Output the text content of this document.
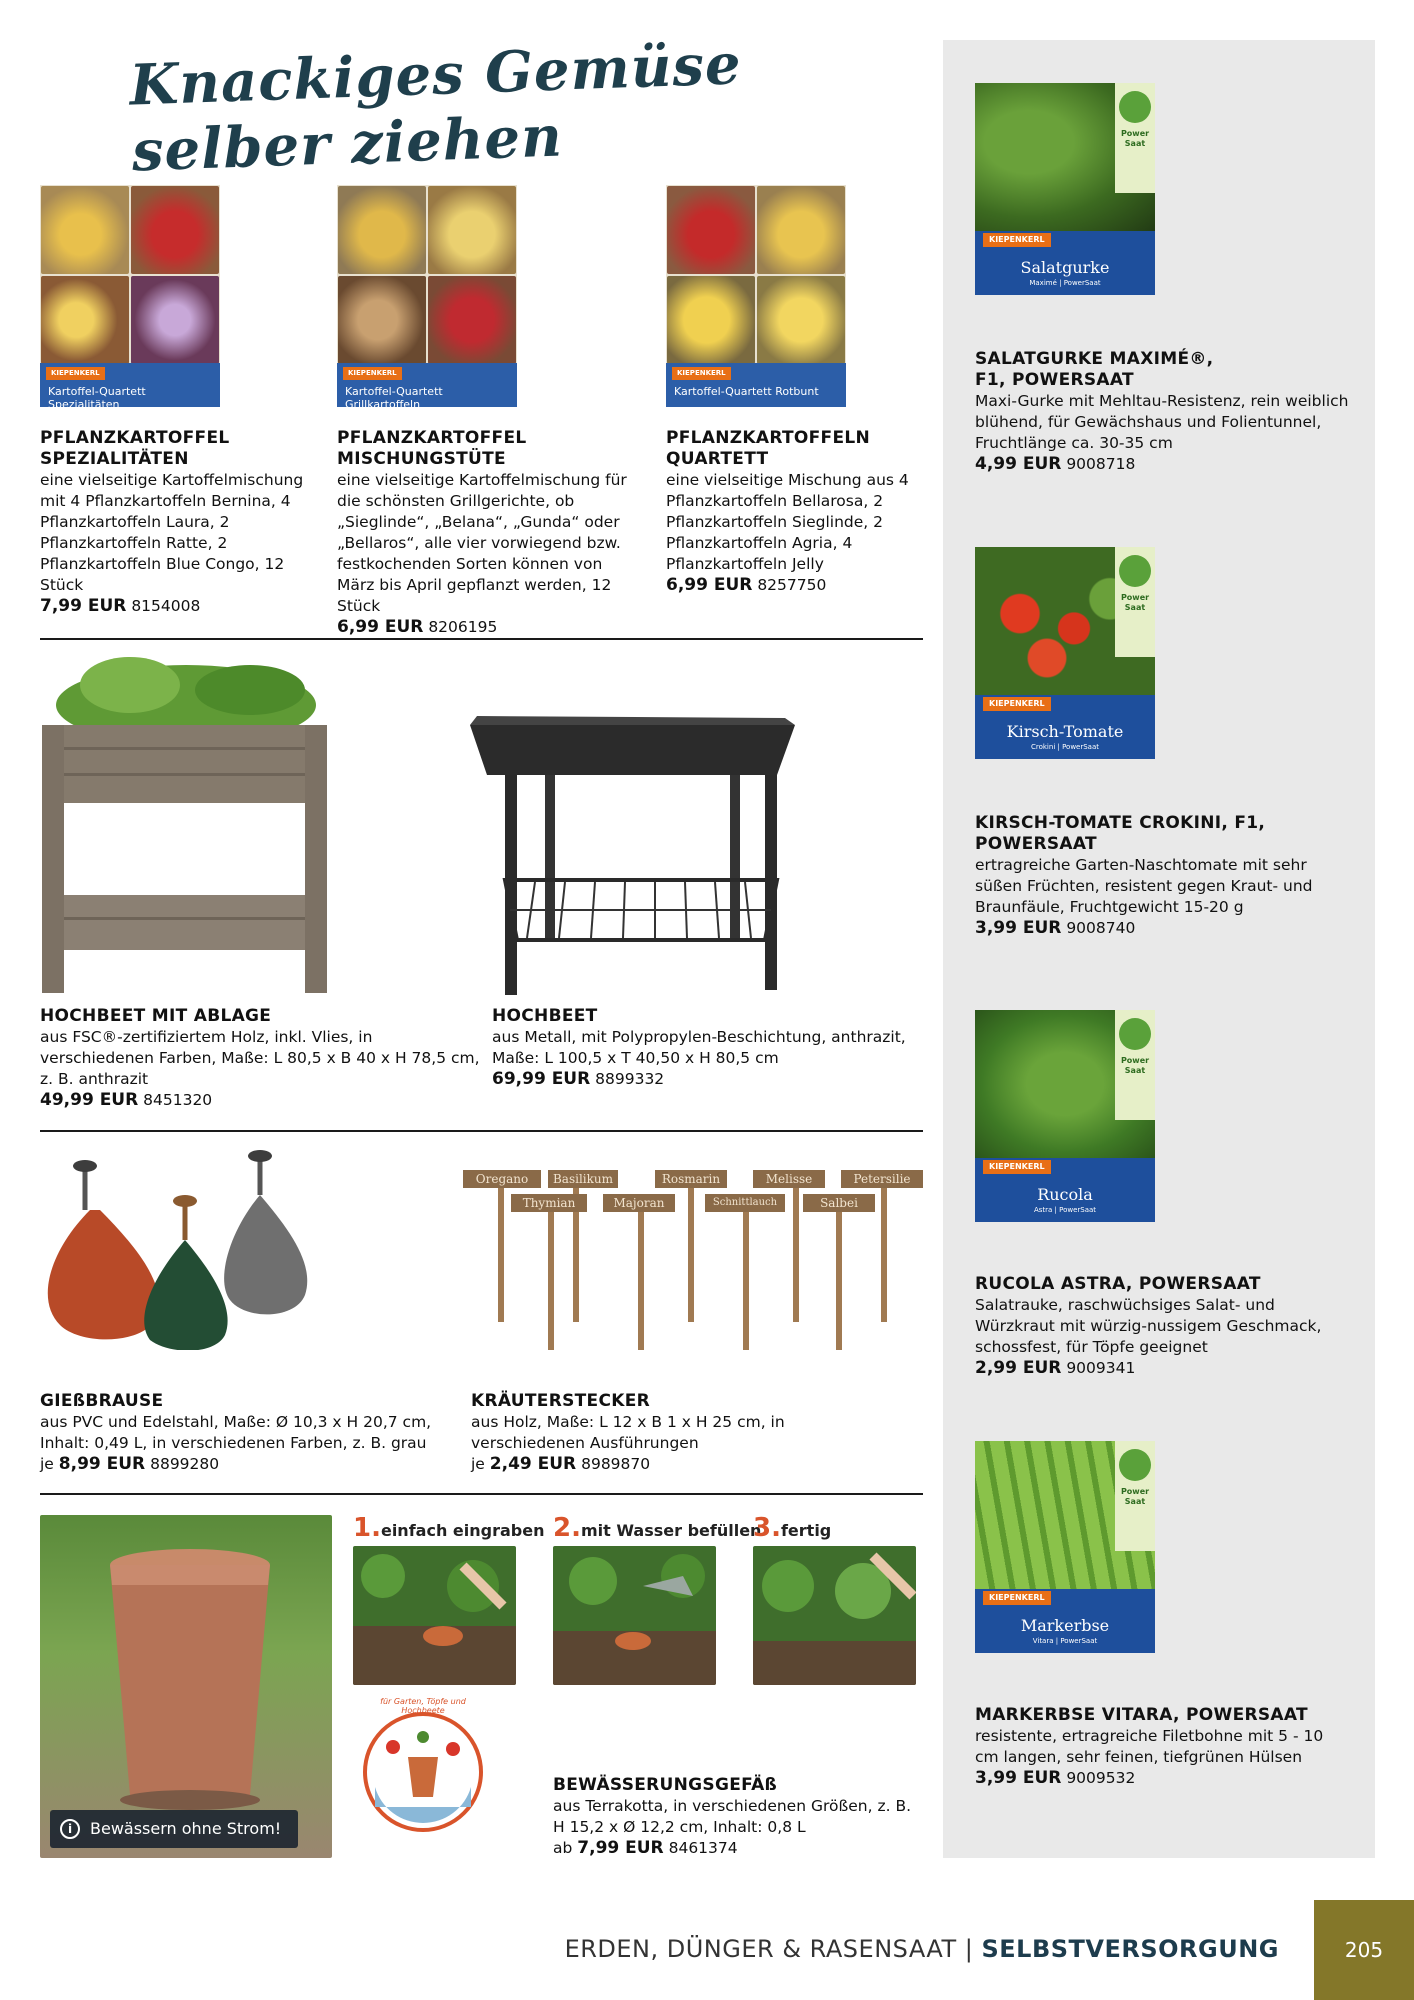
Knackiges Gemüse selber ziehen
KIEPENKERL
Kartoffel-Quartett Spezialitäten
KIEPENKERL
Kartoffel-Quartett Grillkartoffeln
KIEPENKERL
Kartoffel-Quartett Rotbunt
PFLANZKARTOFFEL
SPEZIALITÄTEN
eine vielseitige Kartoffelmischung mit 4 Pflanzkartoffeln Bernina, 4 Pflanzkartoffeln Laura, 2 Pflanzkartoffeln Ratte, 2 Pflanzkartoffeln Blue Congo, 12 Stück
7,99 EUR 8154008
PFLANZKARTOFFEL
MISCHUNGSTÜTE
eine vielseitige Kartoffelmischung für die schönsten Grillgerichte, ob „Sieglinde“, „Belana“, „Gunda“ oder „Bellaros“, alle vier vorwiegend bzw. festkochenden Sorten können von März bis April gepflanzt werden, 12 Stück
6,99 EUR 8206195
PFLANZKARTOFFELN
QUARTETT
eine vielseitige Mischung aus 4 Pflanzkartoffeln Bellarosa, 2 Pflanzkartoffeln Sieglinde, 2 Pflanzkartoffeln Agria, 4 Pflanzkartoffeln Jelly
6,99 EUR 8257750
HOCHBEET MIT ABLAGE
aus FSC®-zertifiziertem Holz, inkl. Vlies, in verschiedenen Farben, Maße: L 80,5 x B 40 x H 78,5 cm, z. B. anthrazit
49,99 EUR 8451320
HOCHBEET
aus Metall, mit Polypropylen-Beschichtung, anthrazit, Maße: L 100,5 x T 40,50 x H 80,5 cm
69,99 EUR 8899332
Oregano	Basilikum	Rosmarin	Melisse	Petersilie
Thymian	Majoran	Schnittlauch	Salbei
GIEßBRAUSE
aus PVC und Edelstahl, Maße: Ø 10,3 x H 20,7 cm, Inhalt: 0,49 L, in verschiedenen Farben, z. B. grau
je 8,99 EUR 8899280
KRÄUTERSTECKER
aus Holz, Maße: L 12 x B 1 x H 25 cm, in verschiedenen Ausführungen
je 2,49 EUR 8989870
i	Bewässern ohne Strom!
1.einfach eingraben 2.mit Wasser befüllen
3.fertig
für Garten, Töpfe und Hochbeete
BEWÄSSERUNGSGEFÄß
aus Terrakotta, in verschiedenen Größen, z. B. H 15,2 x Ø 12,2 cm, Inhalt: 0,8 L
ab 7,99 EUR 8461374
Power Saat
KIEPENKERL
Salatgurke
Maximé | PowerSaat
Power Saat
KIEPENKERL
Kirsch-Tomate
Crokini | PowerSaat
Power Saat
KIEPENKERL
Rucola
Astra | PowerSaat
Power Saat
KIEPENKERL
Markerbse
Vitara | PowerSaat
SALATGURKE MAXIMÉ®,
F1, POWERSAAT
Maxi-Gurke mit Mehltau-Resistenz, rein weiblich blühend, für Gewächshaus und Folientunnel, Fruchtlänge ca. 30-35 cm
4,99 EUR 9008718
KIRSCH-TOMATE CROKINI, F1,
POWERSAAT
ertragreiche Garten-Naschtomate mit sehr süßen Früchten, resistent gegen Kraut- und Braunfäule, Fruchtgewicht 15-20 g
3,99 EUR 9008740
RUCOLA ASTRA, POWERSAAT
Salatrauke, raschwüchsiges Salat- und Würzkraut mit würzig-nussigem Geschmack, schossfest, für Töpfe geeignet
2,99 EUR 9009341
MARKERBSE VITARA, POWERSAAT
resistente, ertragreiche Filetbohne mit 5 - 10 cm langen, sehr feinen, tiefgrünen Hülsen
3,99 EUR 9009532
ERDEN, DÜNGER & RASENSAAT | SELBSTVERSORGUNG	205
